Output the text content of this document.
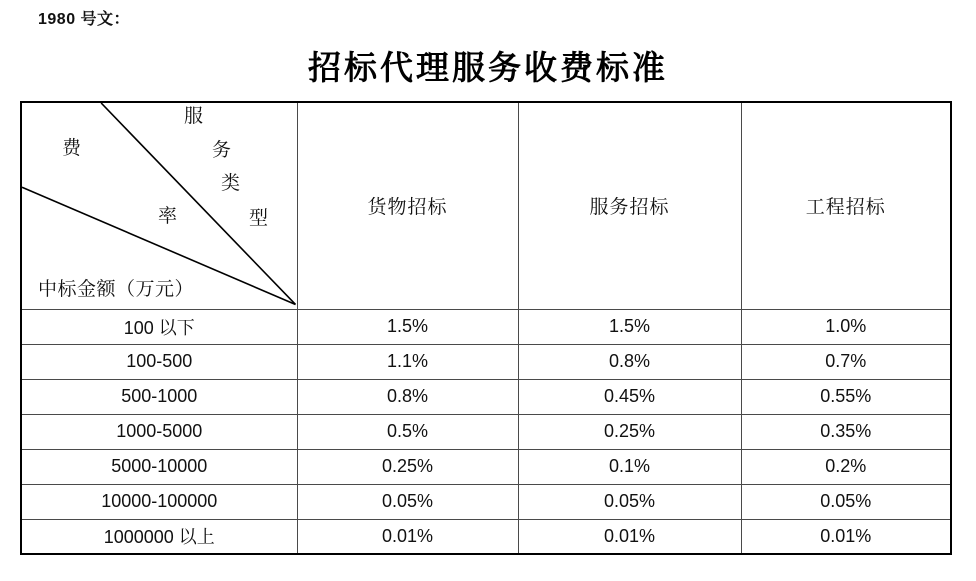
1980 号文：
招标代理服务收费标准
服
费	务
类
率	型
中标金额（万元）
	货物招标	服务招标	工程招标
100 以下	1.5%	1.5%	1.0%
100-500	1.1%	0.8%	0.7%
500-1000	0.8%	0.45%	0.55%
1000-5000	0.5%	0.25%	0.35%
5000-10000	0.25%	0.1%	0.2%
10000-100000	0.05%	0.05%	0.05%
1000000 以上	0.01%	0.01%	0.01%
